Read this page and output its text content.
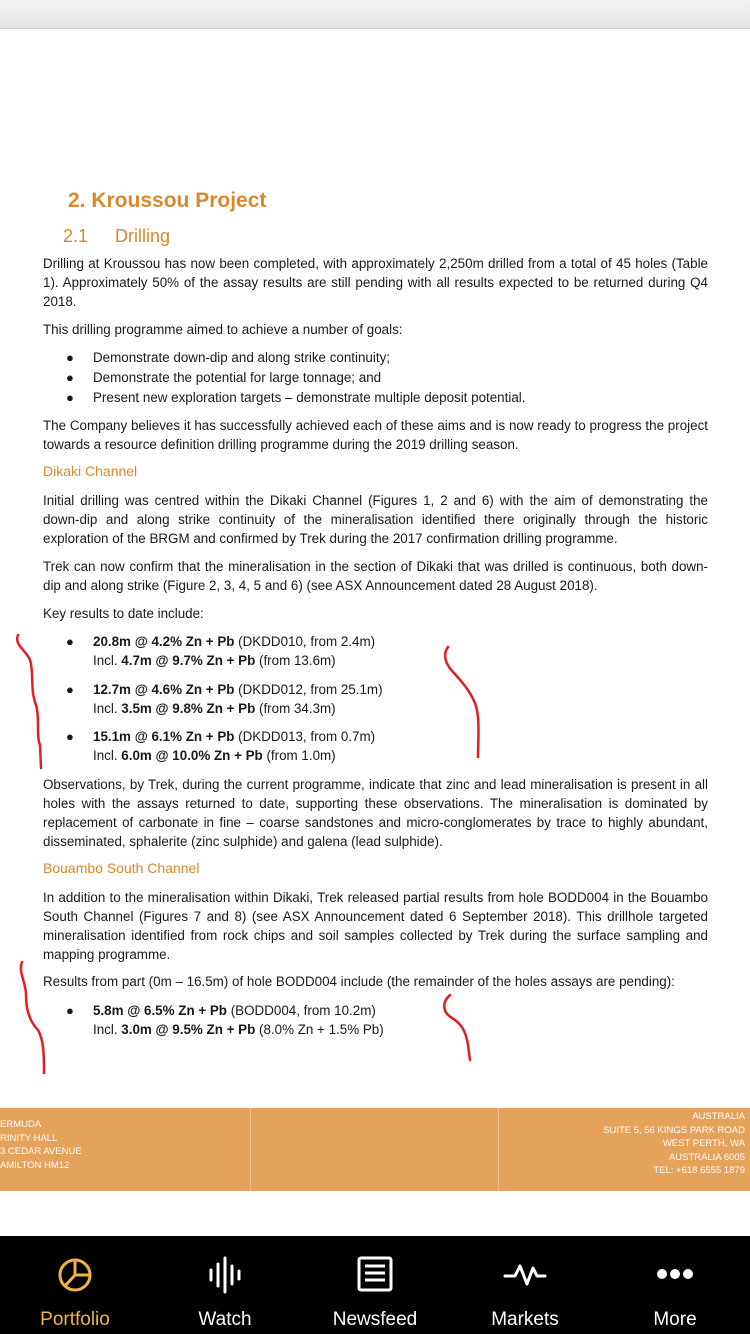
2. Kroussou Project
2.1 Drilling
Drilling at Kroussou has now been completed, with approximately 2,250m drilled from a total of 45 holes (Table 1). Approximately 50% of the assay results are still pending with all results expected to be returned during Q4 2018.
This drilling programme aimed to achieve a number of goals:
● Demonstrate down-dip and along strike continuity;
● Demonstrate the potential for large tonnage; and
● Present new exploration targets – demonstrate multiple deposit potential.
The Company believes it has successfully achieved each of these aims and is now ready to progress the project towards a resource definition drilling programme during the 2019 drilling season.
Dikaki Channel
Initial drilling was centred within the Dikaki Channel (Figures 1, 2 and 6) with the aim of demonstrating the down-dip and along strike continuity of the mineralisation identified there originally through the historic exploration of the BRGM and confirmed by Trek during the 2017 confirmation drilling programme.
Trek can now confirm that the mineralisation in the section of Dikaki that was drilled is continuous, both down-dip and along strike (Figure 2, 3, 4, 5 and 6) (see ASX Announcement dated 28 August 2018).
Key results to date include:
● 20.8m @ 4.2% Zn + Pb (DKDD010, from 2.4m)
Incl. 4.7m @ 9.7% Zn + Pb (from 13.6m)
● 12.7m @ 4.6% Zn + Pb (DKDD012, from 25.1m)
Incl. 3.5m @ 9.8% Zn + Pb (from 34.3m)
● 15.1m @ 6.1% Zn + Pb (DKDD013, from 0.7m)
Incl. 6.0m @ 10.0% Zn + Pb (from 1.0m)
Observations, by Trek, during the current programme, indicate that zinc and lead mineralisation is present in all holes with the assays returned to date, supporting these observations. The mineralisation is dominated by replacement of carbonate in fine – coarse sandstones and micro-conglomerates by trace to highly abundant, disseminated, sphalerite (zinc sulphide) and galena (lead sulphide).
Bouambo South Channel
In addition to the mineralisation within Dikaki, Trek released partial results from hole BODD004 in the Bouambo South Channel (Figures 7 and 8) (see ASX Announcement dated 6 September 2018). This drillhole targeted mineralisation identified from rock chips and soil samples collected by Trek during the surface sampling and mapping programme.
Results from part (0m – 16.5m) of hole BODD004 include (the remainder of the holes assays are pending):
● 5.8m @ 6.5% Zn + Pb (BODD004, from 10.2m)
Incl. 3.0m @ 9.5% Zn + Pb (8.0% Zn + 1.5% Pb)
ERMUDA
RINITY HALL
3 CEDAR AVENUE
AMILTON HM12
AUSTRALIA
SUITE 5, 56 KINGS PARK ROAD
WEST PERTH, WA
AUSTRALIA 6005
TEL: +618 6555 1879
Portfolio	Watch	Newsfeed	Markets	More
